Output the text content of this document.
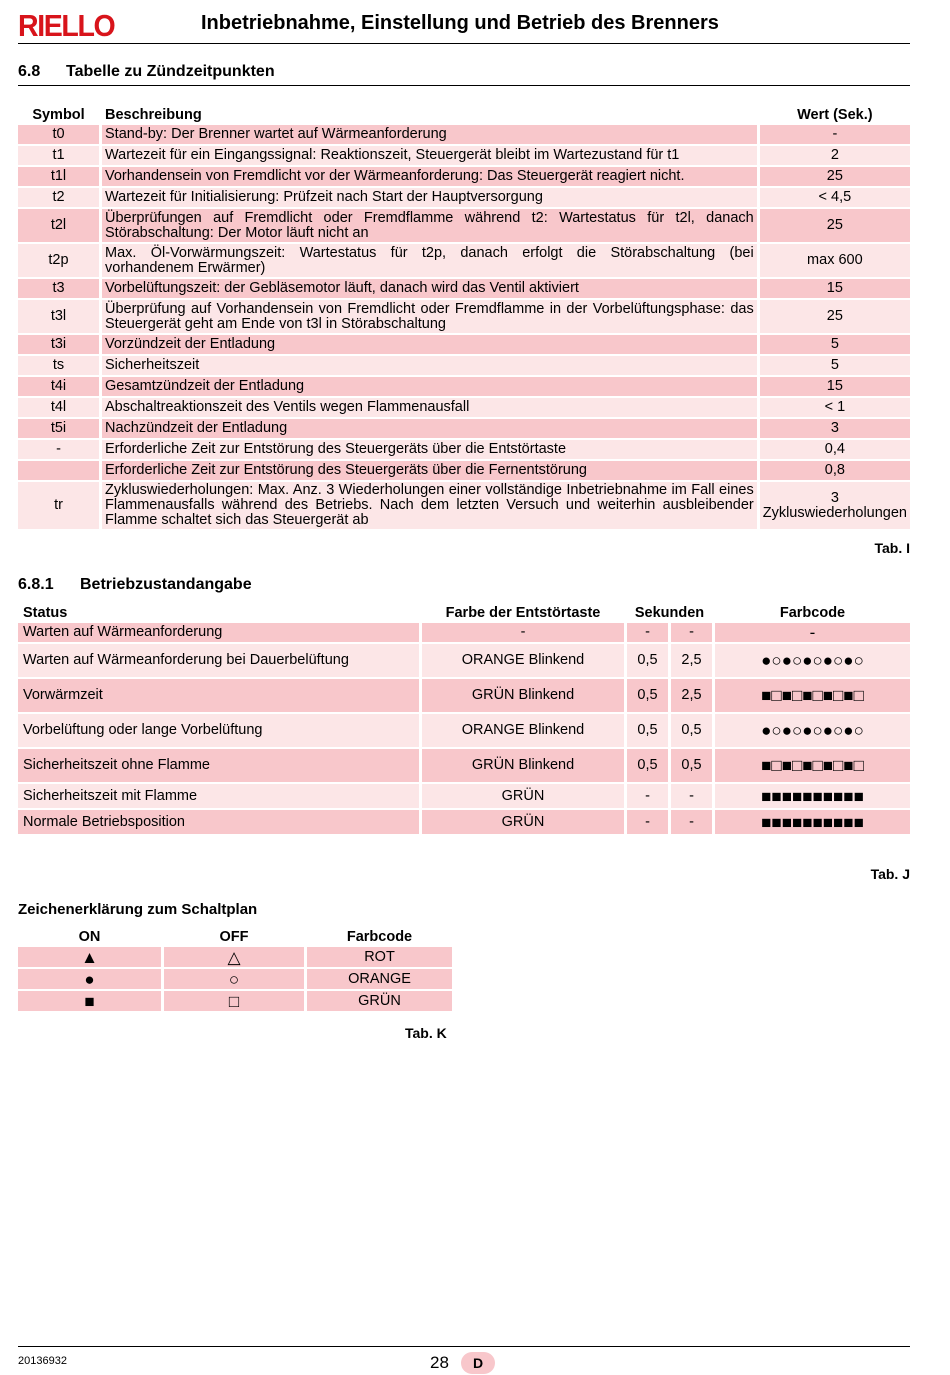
RIELLO	Inbetriebnahme, Einstellung und Betrieb des Brenners
6.8 Tabelle zu Zündzeitpunkten
Symbol	Beschreibung	Wert (Sek.)
t0	Stand-by: Der Brenner wartet auf Wärmeanforderung	-
t1	Wartezeit für ein Eingangssignal: Reaktionszeit, Steuergerät bleibt im Wartezustand für t1	2
t1l	Vorhandensein von Fremdlicht vor der Wärmeanforderung: Das Steuergerät reagiert nicht.	25
t2	Wartezeit für Initialisierung: Prüfzeit nach Start der Hauptversorgung	< 4,5
t2l	Überprüfungen auf Fremdlicht oder Fremdflamme während t2: Wartestatus für t2l, danach Störabschaltung: Der Motor läuft nicht an	25
t2p	Max. Öl-Vorwärmungszeit: Wartestatus für t2p, danach erfolgt die Störabschaltung (bei vorhandenem Erwärmer)	max 600
t3	Vorbelüftungszeit: der Gebläsemotor läuft, danach wird das Ventil aktiviert	15
t3l	Überprüfung auf Vorhandensein von Fremdlicht oder Fremdflamme in der Vorbelüftungsphase: das Steuergerät geht am Ende von t3l in Störabschaltung	25
t3i	Vorzündzeit der Entladung	5
ts	Sicherheitszeit	5
t4i	Gesamtzündzeit der Entladung	15
t4l	Abschaltreaktionszeit des Ventils wegen Flammenausfall	< 1
t5i	Nachzündzeit der Entladung	3
-	Erforderliche Zeit zur Entstörung des Steuergeräts über die Entstörtaste	0,4
	Erforderliche Zeit zur Entstörung des Steuergeräts über die Fernentstörung	0,8
tr	Zykluswiederholungen: Max. Anz. 3 Wiederholungen einer vollständige Inbetriebnahme im Fall eines Flammenausfalls während des Betriebs. Nach dem letzten Versuch und weiterhin ausbleibender Flamme schaltet sich das Steuergerät ab	3 Zykluswiederholungen
Tab. I
6.8.1 Betriebzustandangabe
Status	Farbe der Entstörtaste	Sekunden		Farbcode
Warten auf Wärmeanforderung	-	-	-	-
Warten auf Wärmeanforderung bei Dauerbelüftung	ORANGE Blinkend	0,5	2,5	●○●○●○●○●○
Vorwärmzeit	GRÜN Blinkend	0,5	2,5	■□■□■□■□■□
Vorbelüftung oder lange Vorbelüftung	ORANGE Blinkend	0,5	0,5	●○●○●○●○●○
Sicherheitszeit ohne Flamme	GRÜN Blinkend	0,5	0,5	■□■□■□■□■□
Sicherheitszeit mit Flamme	GRÜN	-	-	■■■■■■■■■■
Normale Betriebsposition	GRÜN	-	-	■■■■■■■■■■
Tab. J
Zeichenerklärung zum Schaltplan
ON	OFF	Farbcode
▲	△	ROT
●	○	ORANGE
■	□	GRÜN
Tab. K
20136932	28	D
